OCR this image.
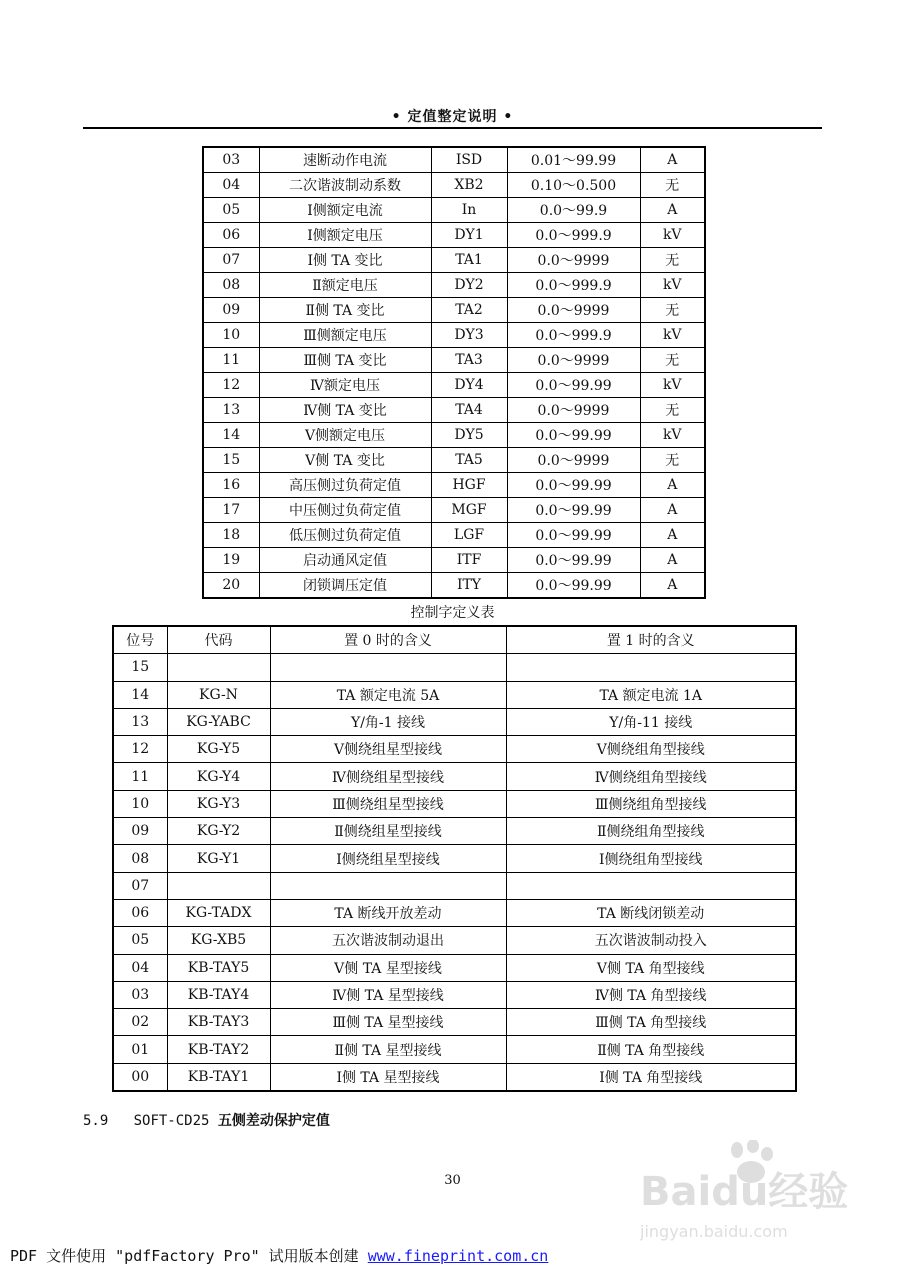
• 定值整定说明 •
03	速断动作电流	ISD	0.01～99.99	A
04	二次谐波制动系数	XB2	0.10～0.500	无
05	Ⅰ侧额定电流	In	0.0～99.9	A
06	Ⅰ侧额定电压	DY1	0.0～999.9	kV
07	Ⅰ侧 TA 变比	TA1	0.0～9999	无
08	Ⅱ额定电压	DY2	0.0～999.9	kV
09	Ⅱ侧 TA 变比	TA2	0.0～9999	无
10	Ⅲ侧额定电压	DY3	0.0～999.9	kV
11	Ⅲ侧 TA 变比	TA3	0.0～9999	无
12	Ⅳ额定电压	DY4	0.0～99.99	kV
13	Ⅳ侧 TA 变比	TA4	0.0～9999	无
14	Ⅴ侧额定电压	DY5	0.0～99.99	kV
15	Ⅴ侧 TA 变比	TA5	0.0～9999	无
16	高压侧过负荷定值	HGF	0.0～99.99	A
17	中压侧过负荷定值	MGF	0.0～99.99	A
18	低压侧过负荷定值	LGF	0.0～99.99	A
19	启动通风定值	ITF	0.0～99.99	A
20	闭锁调压定值	ITY	0.0～99.99	A
控制字定义表
位号	代码	置 0 时的含义	置 1 时的含义
15			
14	KG-N	TA 额定电流 5A	TA 额定电流 1A
13	KG-YABC	Y/角-1 接线	Y/角-11 接线
12	KG-Y5	Ⅴ侧绕组星型接线	Ⅴ侧绕组角型接线
11	KG-Y4	Ⅳ侧绕组星型接线	Ⅳ侧绕组角型接线
10	KG-Y3	Ⅲ侧绕组星型接线	Ⅲ侧绕组角型接线
09	KG-Y2	Ⅱ侧绕组星型接线	Ⅱ侧绕组角型接线
08	KG-Y1	Ⅰ侧绕组星型接线	Ⅰ侧绕组角型接线
07			
06	KG-TADX	TA 断线开放差动	TA 断线闭锁差动
05	KG-XB5	五次谐波制动退出	五次谐波制动投入
04	KB-TAY5	Ⅴ侧 TA 星型接线	Ⅴ侧 TA 角型接线
03	KB-TAY4	Ⅳ侧 TA 星型接线	Ⅳ侧 TA 角型接线
02	KB-TAY3	Ⅲ侧 TA 星型接线	Ⅲ侧 TA 角型接线
01	KB-TAY2	Ⅱ侧 TA 星型接线	Ⅱ侧 TA 角型接线
00	KB-TAY1	Ⅰ侧 TA 星型接线	Ⅰ侧 TA 角型接线
5.9 SOFT-CD25 五侧差动保护定值
30	Baidu经验
jingyan.baidu.com
PDF 文件使用 "pdfFactory Pro" 试用版本创建 www.fineprint.com.cn
